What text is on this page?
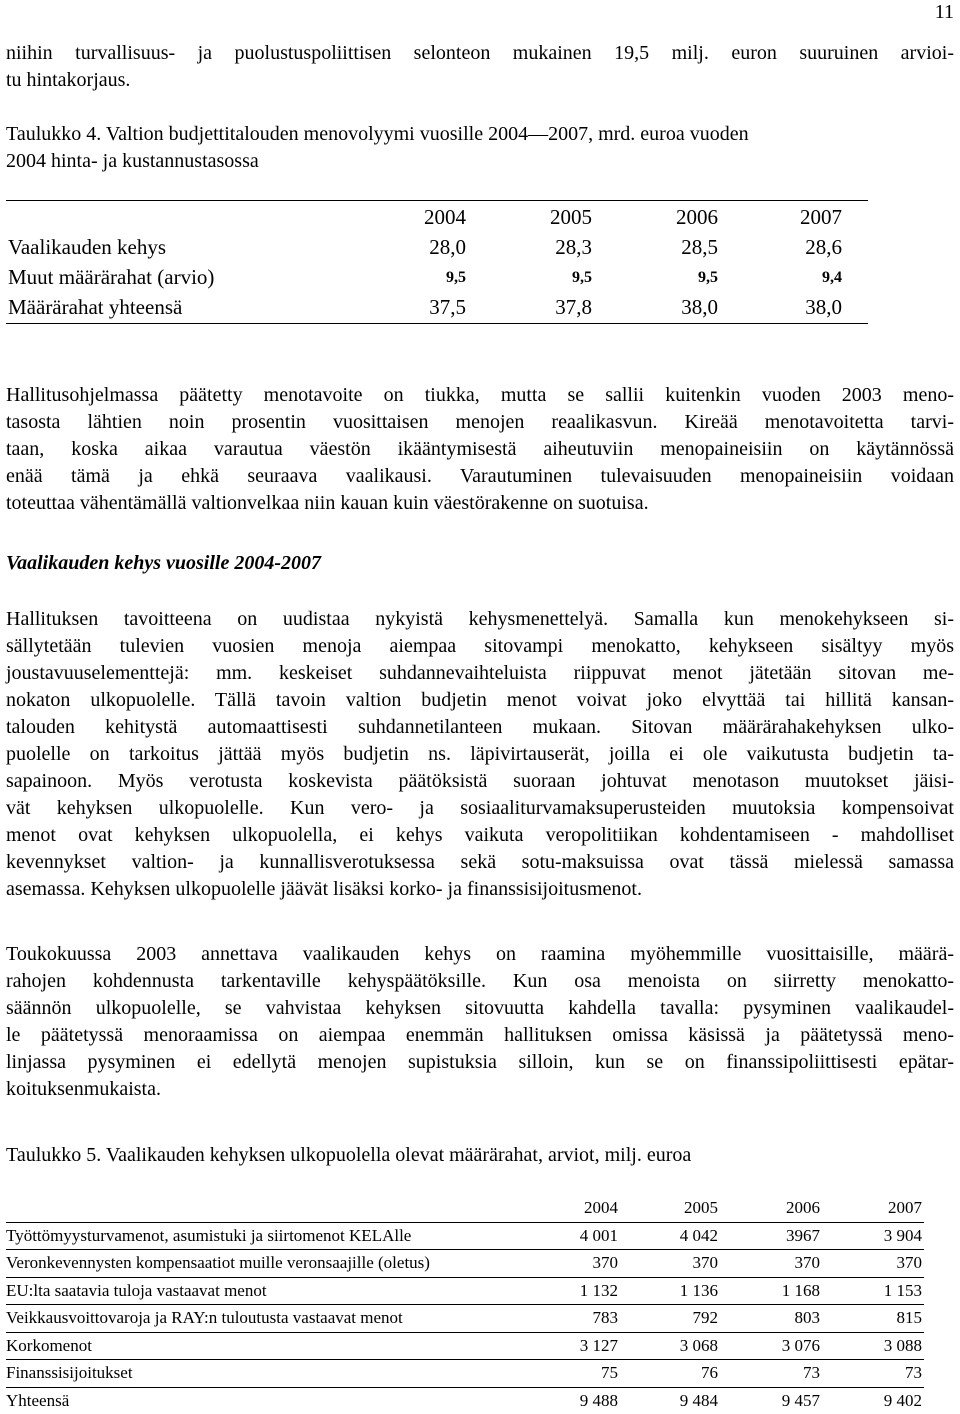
11
niihin turvallisuus- ja puolustuspoliittisen selonteon mukainen 19,5 milj. euron suuruinen arvioi-
tu hintakorjaus.
Taulukko 4. Valtion budjettitalouden menovolyymi vuosille 2004—2007, mrd. euroa vuoden
2004 hinta- ja kustannustasossa
2004	2005	2006	2007
Vaalikauden kehys	28,0	28,3	28,5	28,6
Muut määrärahat (arvio)	9,5	9,5	9,5	9,4
Määrärahat yhteensä	37,5	37,8	38,0	38,0
Hallitusohjelmassa päätetty menotavoite on tiukka, mutta se sallii kuitenkin vuoden 2003 meno-
tasosta lähtien noin prosentin vuosittaisen menojen reaalikasvun. Kireää menotavoitetta tarvi-
taan, koska aikaa varautua väestön ikääntymisestä aiheutuviin menopaineisiin on käytännössä
enää tämä ja ehkä seuraava vaalikausi. Varautuminen tulevaisuuden menopaineisiin voidaan
toteuttaa vähentämällä valtionvelkaa niin kauan kuin väestörakenne on suotuisa.
Vaalikauden kehys vuosille 2004-2007
Hallituksen tavoitteena on uudistaa nykyistä kehysmenettelyä. Samalla kun menokehykseen si-
sällytetään tulevien vuosien menoja aiempaa sitovampi menokatto, kehykseen sisältyy myös
joustavuuselementtejä: mm. keskeiset suhdannevaihteluista riippuvat menot jätetään sitovan me-
nokaton ulkopuolelle. Tällä tavoin valtion budjetin menot voivat joko elvyttää tai hillitä kansan-
talouden kehitystä automaattisesti suhdannetilanteen mukaan. Sitovan määrärahakehyksen ulko-
puolelle on tarkoitus jättää myös budjetin ns. läpivirtauserät, joilla ei ole vaikutusta budjetin ta-
sapainoon. Myös verotusta koskevista päätöksistä suoraan johtuvat menotason muutokset jäisi-
vät kehyksen ulkopuolelle. Kun vero- ja sosiaaliturvamaksuperusteiden muutoksia kompensoivat
menot ovat kehyksen ulkopuolella, ei kehys vaikuta veropolitiikan kohdentamiseen - mahdolliset
kevennykset valtion- ja kunnallisverotuksessa sekä sotu-maksuissa ovat tässä mielessä samassa
asemassa. Kehyksen ulkopuolelle jäävät lisäksi korko- ja finanssisijoitusmenot.
Toukokuussa 2003 annettava vaalikauden kehys on raamina myöhemmille vuosittaisille, määrä-
rahojen kohdennusta tarkentaville kehyspäätöksille. Kun osa menoista on siirretty menokatto-
säännön ulkopuolelle, se vahvistaa kehyksen sitovuutta kahdella tavalla: pysyminen vaalikaudel-
le päätetyssä menoraamissa on aiempaa enemmän hallituksen omissa käsissä ja päätetyssä meno-
linjassa pysyminen ei edellytä menojen supistuksia silloin, kun se on finanssipoliittisesti epätar-
koituksenmukaista.
Taulukko 5. Vaalikauden kehyksen ulkopuolella olevat määrärahat, arviot, milj. euroa
2004	2005	2006	2007
Työttömyysturvamenot, asumistuki ja siirtomenot KELAlle	4 001	4 042	3967	3 904
Veronkevennysten kompensaatiot muille veronsaajille (oletus)	370	370	370	370
EU:lta saatavia tuloja vastaavat menot	1 132	1 136	1 168	1 153
Veikkausvoittovaroja ja RAY:n tuloutusta vastaavat menot	783	792	803	815
Korkomenot	3 127	3 068	3 076	3 088
Finanssisijoitukset	75	76	73	73
Yhteensä	9 488	9 484	9 457	9 402
